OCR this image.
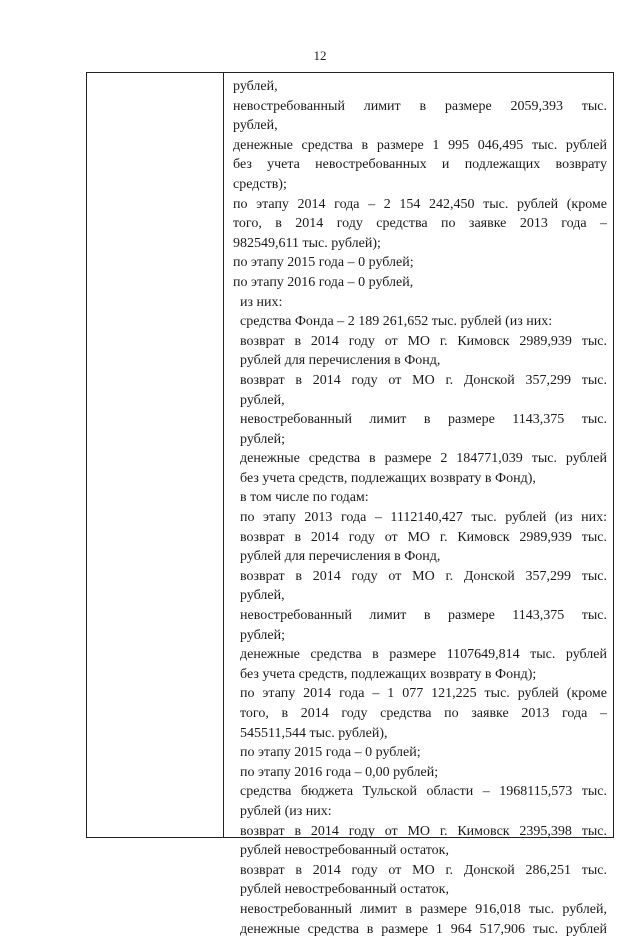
12
рублей,
невостребованный лимит в размере 2059,393 тыс.
рублей,
денежные средства в размере 1 995 046,495 тыс. рублей
без учета невостребованных и подлежащих возврату
средств);
по этапу 2014 года – 2 154 242,450 тыс. рублей (кроме
того, в 2014 году средства по заявке 2013 года –
982549,611 тыс. рублей);
по этапу 2015 года – 0 рублей;
по этапу 2016 года – 0 рублей,
из них:
средства Фонда – 2 189 261,652 тыс. рублей (из них:
возврат в 2014 году от МО г. Кимовск 2989,939 тыс.
рублей для перечисления в Фонд,
возврат в 2014 году от МО г. Донской 357,299 тыс.
рублей,
невостребованный лимит в размере 1143,375 тыс.
рублей;
денежные средства в размере 2 184771,039 тыс. рублей
без учета средств, подлежащих возврату в Фонд),
в том числе по годам:
по этапу 2013 года – 1112140,427 тыс. рублей (из них:
возврат в 2014 году от МО г. Кимовск 2989,939 тыс.
рублей для перечисления в Фонд,
возврат в 2014 году от МО г. Донской 357,299 тыс.
рублей,
невостребованный лимит в размере 1143,375 тыс.
рублей;
денежные средства в размере 1107649,814 тыс. рублей
без учета средств, подлежащих возврату в Фонд);
по этапу 2014 года – 1 077 121,225 тыс. рублей (кроме
того, в 2014 году средства по заявке 2013 года –
545511,544 тыс. рублей),
по этапу 2015 года – 0 рублей;
по этапу 2016 года – 0,00 рублей;
средства бюджета Тульской области – 1968115,573 тыс.
рублей (из них:
возврат в 2014 году от МО г. Кимовск 2395,398 тыс.
рублей невостребованный остаток,
возврат в 2014 году от МО г. Донской 286,251 тыс.
рублей невостребованный остаток,
невостребованный лимит в размере 916,018 тыс. рублей,
денежные средства в размере 1 964 517,906 тыс. рублей
